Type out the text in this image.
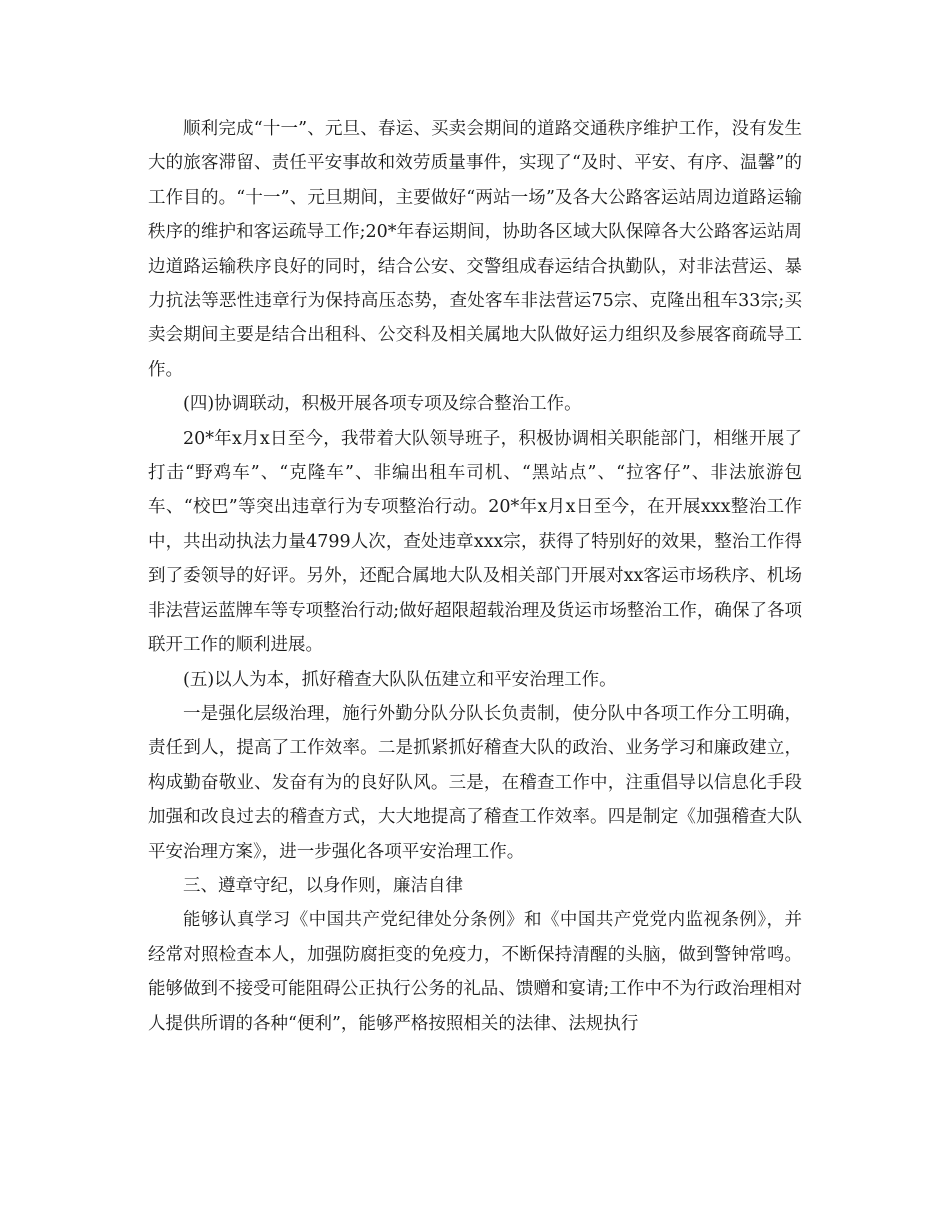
顺利完成“十一”、元旦、春运、买卖会期间的道路交通秩序维护工作，没有发生大的旅客滞留、责任平安事故和效劳质量事件，实现了“及时、平安、有序、温馨”的工作目的。“十一”、元旦期间，主要做好“两站一场”及各大公路客运站周边道路运输秩序的维护和客运疏导工作;20*年春运期间，协助各区域大队保障各大公路客运站周边道路运输秩序良好的同时，结合公安、交警组成春运结合执勤队，对非法营运、暴力抗法等恶性违章行为保持高压态势，查处客车非法营运75宗、克隆出租车33宗;买卖会期间主要是结合出租科、公交科及相关属地大队做好运力组织及参展客商疏导工作。

(四)协调联动，积极开展各项专项及综合整治工作。

20*年x月x日至今，我带着大队领导班子，积极协调相关职能部门，相继开展了打击“野鸡车”、“克隆车”、非编出租车司机、“黑站点”、“拉客仔”、非法旅游包车、“校巴”等突出违章行为专项整治行动。20*年x月x日至今，在开展xxx整治工作中，共出动执法力量4799人次，查处违章xxx宗，获得了特别好的效果，整治工作得到了委领导的好评。另外，还配合属地大队及相关部门开展对xx客运市场秩序、机场非法营运蓝牌车等专项整治行动;做好超限超载治理及货运市场整治工作，确保了各项联开工作的顺利进展。

(五)以人为本，抓好稽查大队队伍建立和平安治理工作。

一是强化层级治理，施行外勤分队分队长负责制，使分队中各项工作分工明确，责任到人，提高了工作效率。二是抓紧抓好稽查大队的政治、业务学习和廉政建立，构成勤奋敬业、发奋有为的良好队风。三是，在稽查工作中，注重倡导以信息化手段加强和改良过去的稽查方式，大大地提高了稽查工作效率。四是制定《加强稽查大队平安治理方案》，进一步强化各项平安治理工作。

三、遵章守纪，以身作则，廉洁自律

能够认真学习《中国共产党纪律处分条例》和《中国共产党党内监视条例》，并经常对照检查本人，加强防腐拒变的免疫力，不断保持清醒的头脑，做到警钟常鸣。能够做到不接受可能阻碍公正执行公务的礼品、馈赠和宴请;工作中不为行政治理相对人提供所谓的各种“便利”，能够严格按照相关的法律、法规执行
